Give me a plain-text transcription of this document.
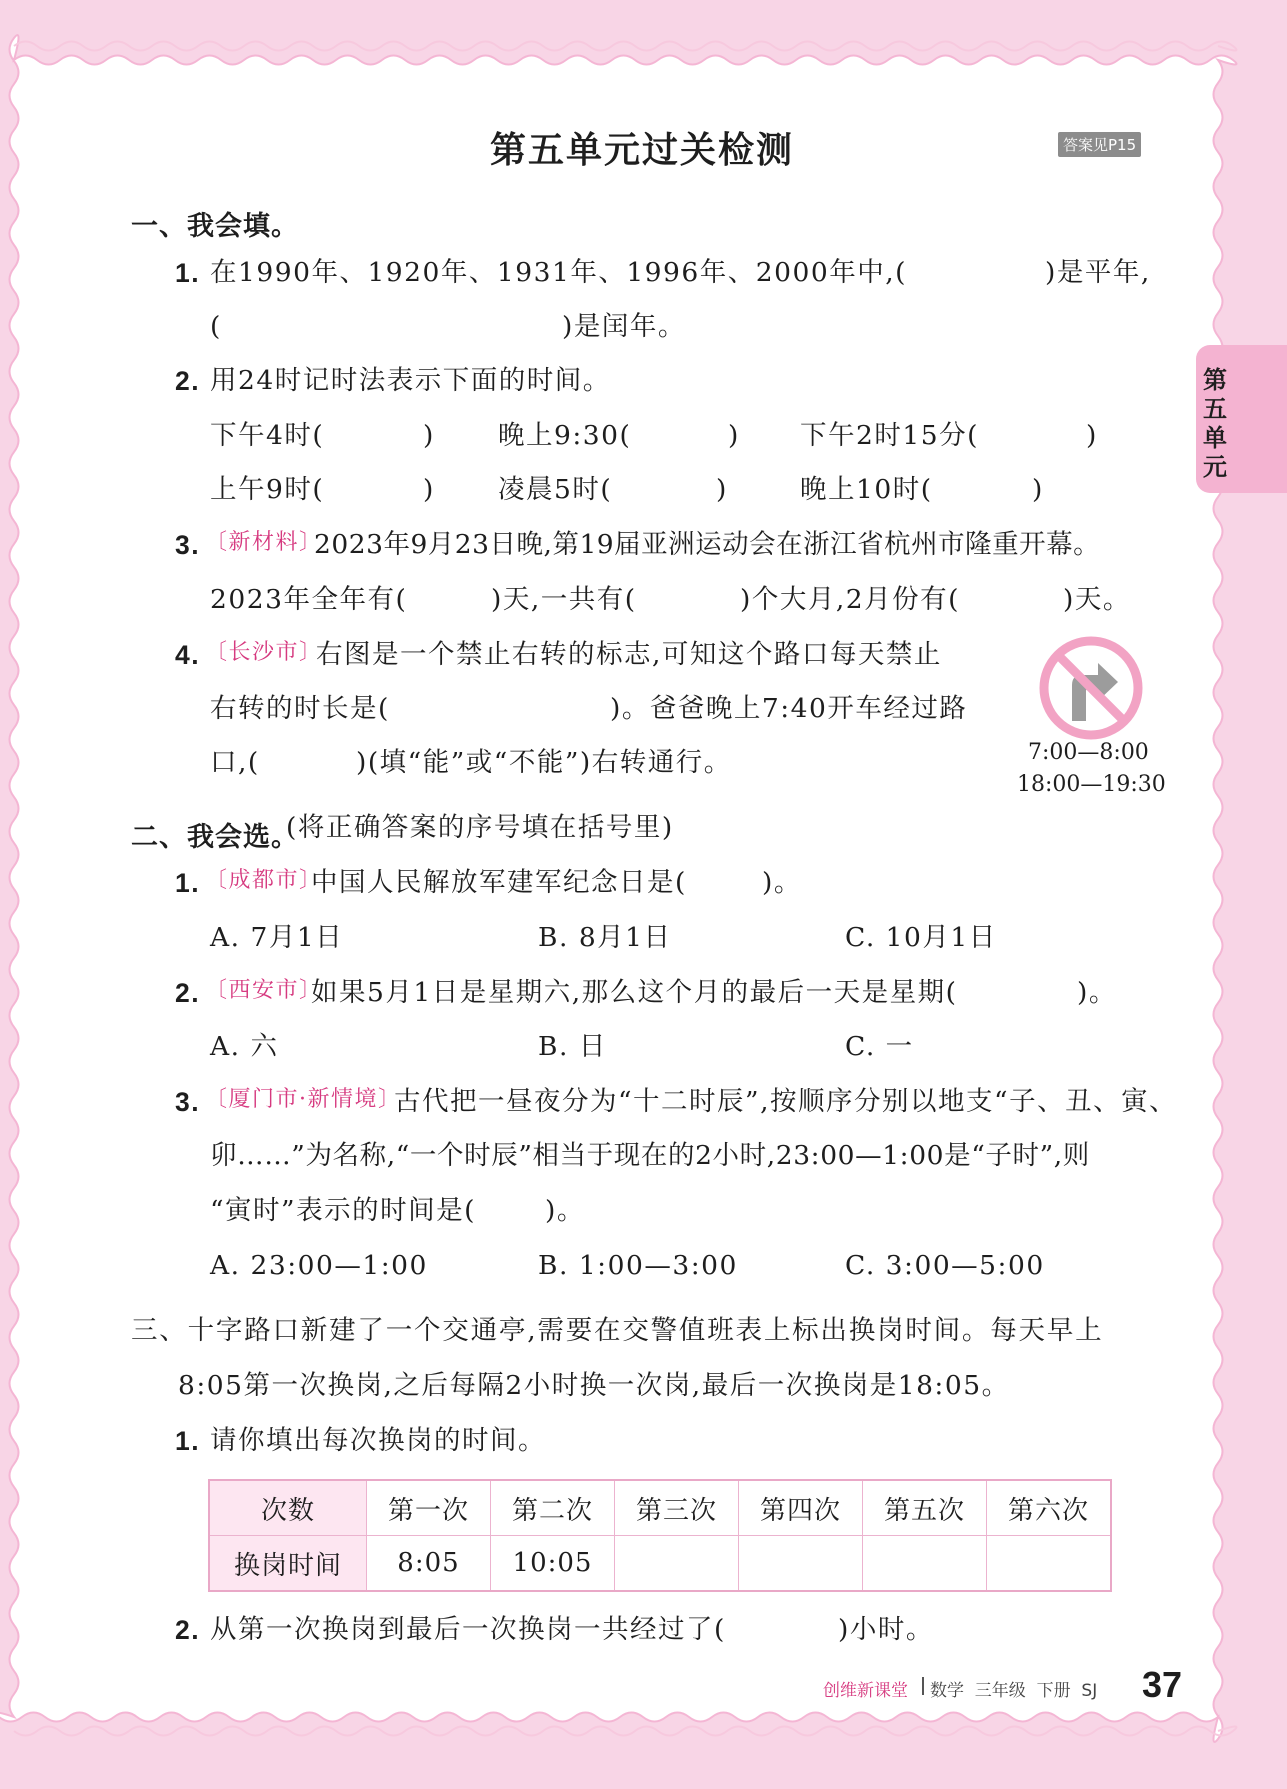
第五单元过关检测	答案见P15
第五单元
一、我会填。
1. 在1990年、1920年、1931年、1996年、2000年中,(	)是平年,
(	)是闰年。
2. 用24时记时法表示下面的时间。
下午4时(	) 晚上9:30(	) 下午2时15分(	)
上午9时(	) 凌晨5时(	)	晚上10时(	)
3. 〔新材料〕
2023年9月23日晚,第19届亚洲运动会在浙江省杭州市隆重开幕。
2023年全年有(	)天,一共有(	)个大月,2月份有(	)天。
4. 〔长沙市〕
右图是一个禁止右转的标志,可知这个路口每天禁止
右转的时长是(	)。爸爸晚上7:40开车经过路
口,(	)(填“能”或“不能”)右转通行。	7:00—8:00
18:00—19:30
二、我会选。
(将正确答案的序号填在括号里)
1. 〔成都市〕
中国人民解放军建军纪念日是(	)。
A. 7月1日	B. 8月1日	C. 10月1日
2. 〔西安市〕
如果5月1日是星期六,那么这个月的最后一天是星期(	)。
A. 六	B. 日	C. 一
3. 〔厦门市·新情境〕
古代把一昼夜分为“十二时辰”,按顺序分别以地支“子、丑、寅、
卯……”为名称,“一个时辰”相当于现在的2小时,23:00—1:00是“子时”,则
“寅时”表示的时间是(	)。
A. 23:00—1:00	B. 1:00—3:00	C. 3:00—5:00
三、十字路口新建了一个交通亭,需要在交警值班表上标出换岗时间。每天早上
8:05第一次换岗,之后每隔2小时换一次岗,最后一次换岗是18:05。
1. 请你填出每次换岗的时间。
次数	第一次	第二次	第三次	第四次	第五次	第六次
换岗时间	8:05	10:05				
2. 从第一次换岗到最后一次换岗一共经过了(	)小时。
创维新课堂 数学  三年级  下册  SJ 37
